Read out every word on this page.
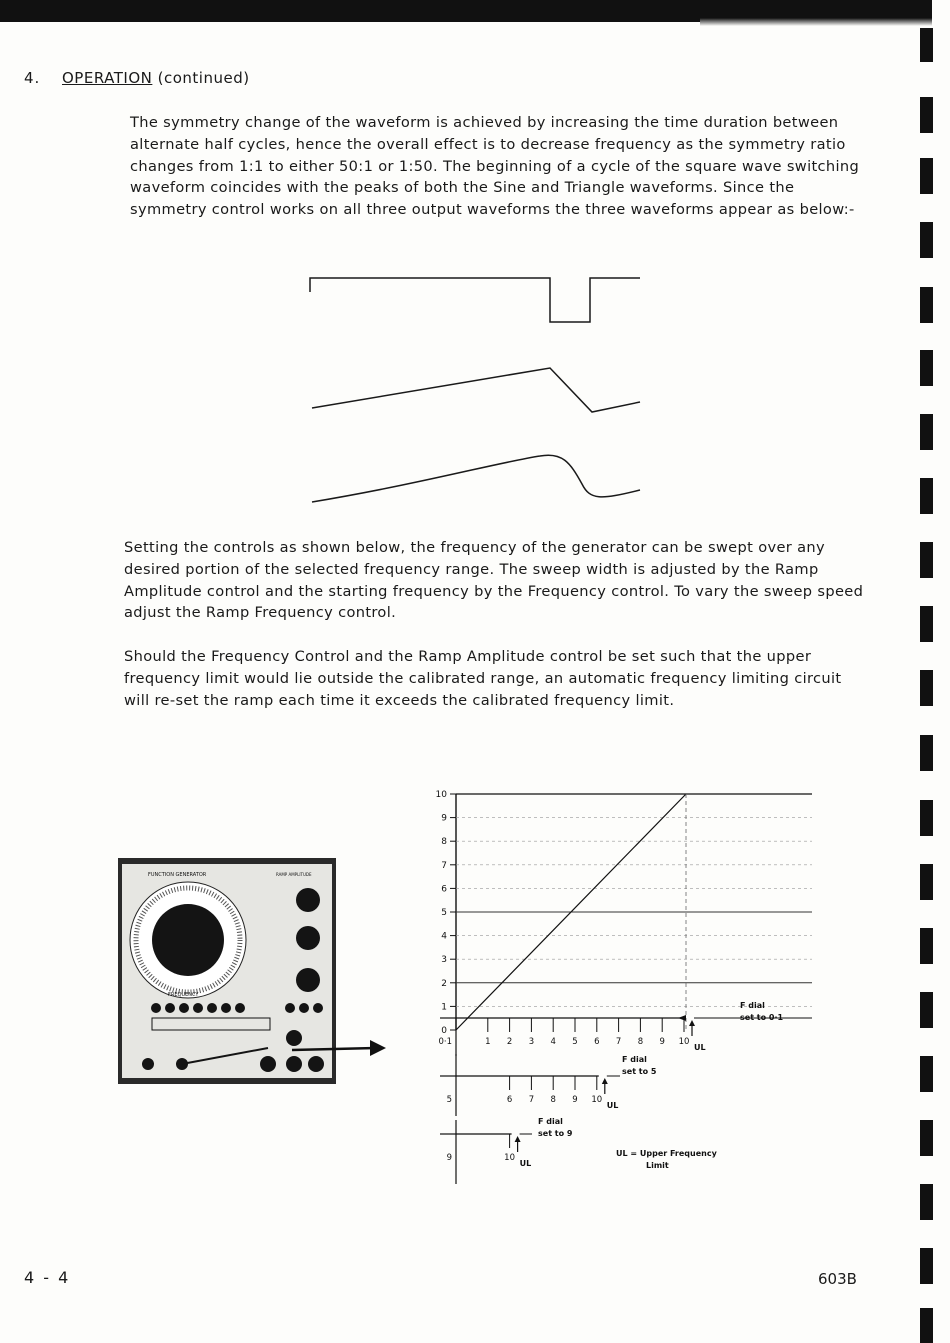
4. OPERATION (continued)

The symmetry change of the waveform is achieved by increasing the time duration between alternate half cycles, hence the overall effect is to decrease frequency as the symmetry ratio changes from 1:1 to either 50:1 or 1:50. The beginning of a cycle of the square wave switching waveform coincides with the peaks of both the Sine and Triangle waveforms. Since the symmetry control works on all three output waveforms the three waveforms appear as below:-

Setting the controls as shown below, the frequency of the generator can be swept over any desired portion of the selected frequency range. The sweep width is adjusted by the Ramp Amplitude control and the starting frequency by the Frequency control. To vary the sweep speed adjust the Ramp Frequency control.

Should the Frequency Control and the Ramp Amplitude control be set such that the upper frequency limit would lie outside the calibrated range, an automatic frequency limiting circuit will re-set the ramp each time it exceeds the calibrated frequency limit.

FUNCTION GENERATOR	RAMP AMPLITUDE
FREQUENCY
10
9
8
7
6
5
4
3
2
1
0
0·1	1 2 3 4 5 6 7 8 9 10
UL
F dial
set to 0·1
6 7 8 9 10
UL
5
F dial
set to 5
10
UL
9
F dial
set to 9
UL = Upper Frequency
Limit
4 - 4	603B
